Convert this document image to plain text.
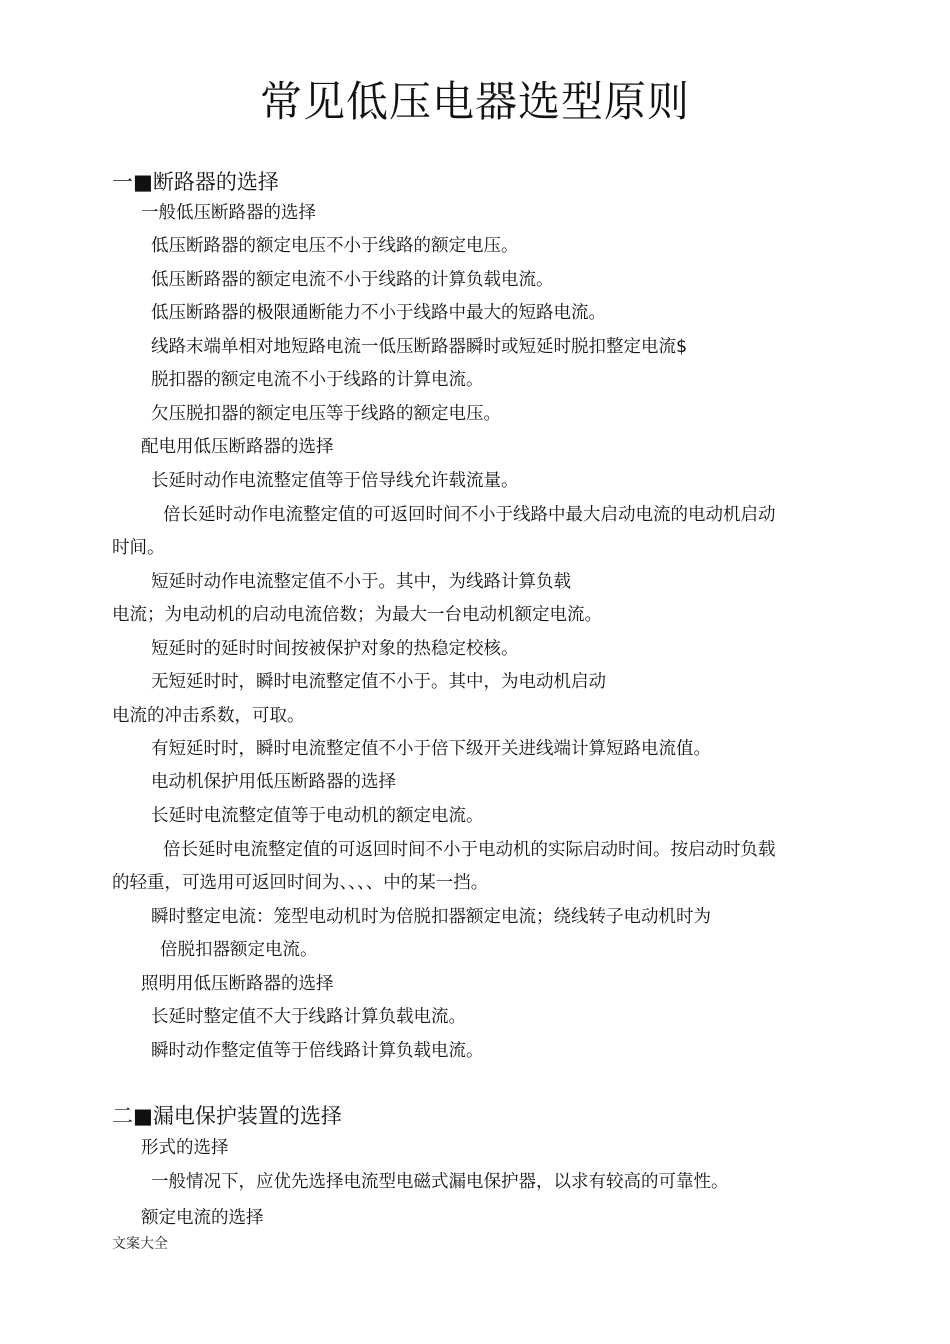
常见低压电器选型原则
一■断路器的选择
一般低压断路器的选择
低压断路器的额定电压不小于线路的额定电压。
低压断路器的额定电流不小于线路的计算负载电流。
低压断路器的极限通断能力不小于线路中最大的短路电流。
线路末端单相对地短路电流一低压断路器瞬时或短延时脱扣整定电流$
脱扣器的额定电流不小于线路的计算电流。
欠压脱扣器的额定电压等于线路的额定电压。
配电用低压断路器的选择
长延时动作电流整定值等于倍导线允许载流量。
倍长延时动作电流整定值的可返回时间不小于线路中最大启动电流的电动机启动
时间。
短延时动作电流整定值不小于。其中，为线路计算负载
电流；为电动机的启动电流倍数；为最大一台电动机额定电流。
短延时的延时时间按被保护对象的热稳定校核。
无短延时时，瞬时电流整定值不小于。其中，为电动机启动
电流的冲击系数，可取。
有短延时时，瞬时电流整定值不小于倍下级开关进线端计算短路电流值。
电动机保护用低压断路器的选择
长延时电流整定值等于电动机的额定电流。
倍长延时电流整定值的可返回时间不小于电动机的实际启动时间。按启动时负载
的轻重，可选用可返回时间为、、、、中的某一挡。
瞬时整定电流：笼型电动机时为倍脱扣器额定电流；绕线转子电动机时为
倍脱扣器额定电流。
照明用低压断路器的选择
长延时整定值不大于线路计算负载电流。
瞬时动作整定值等于倍线路计算负载电流。
二■漏电保护装置的选择
形式的选择
一般情况下，应优先选择电流型电磁式漏电保护器，以求有较高的可靠性。
额定电流的选择
文案大全
